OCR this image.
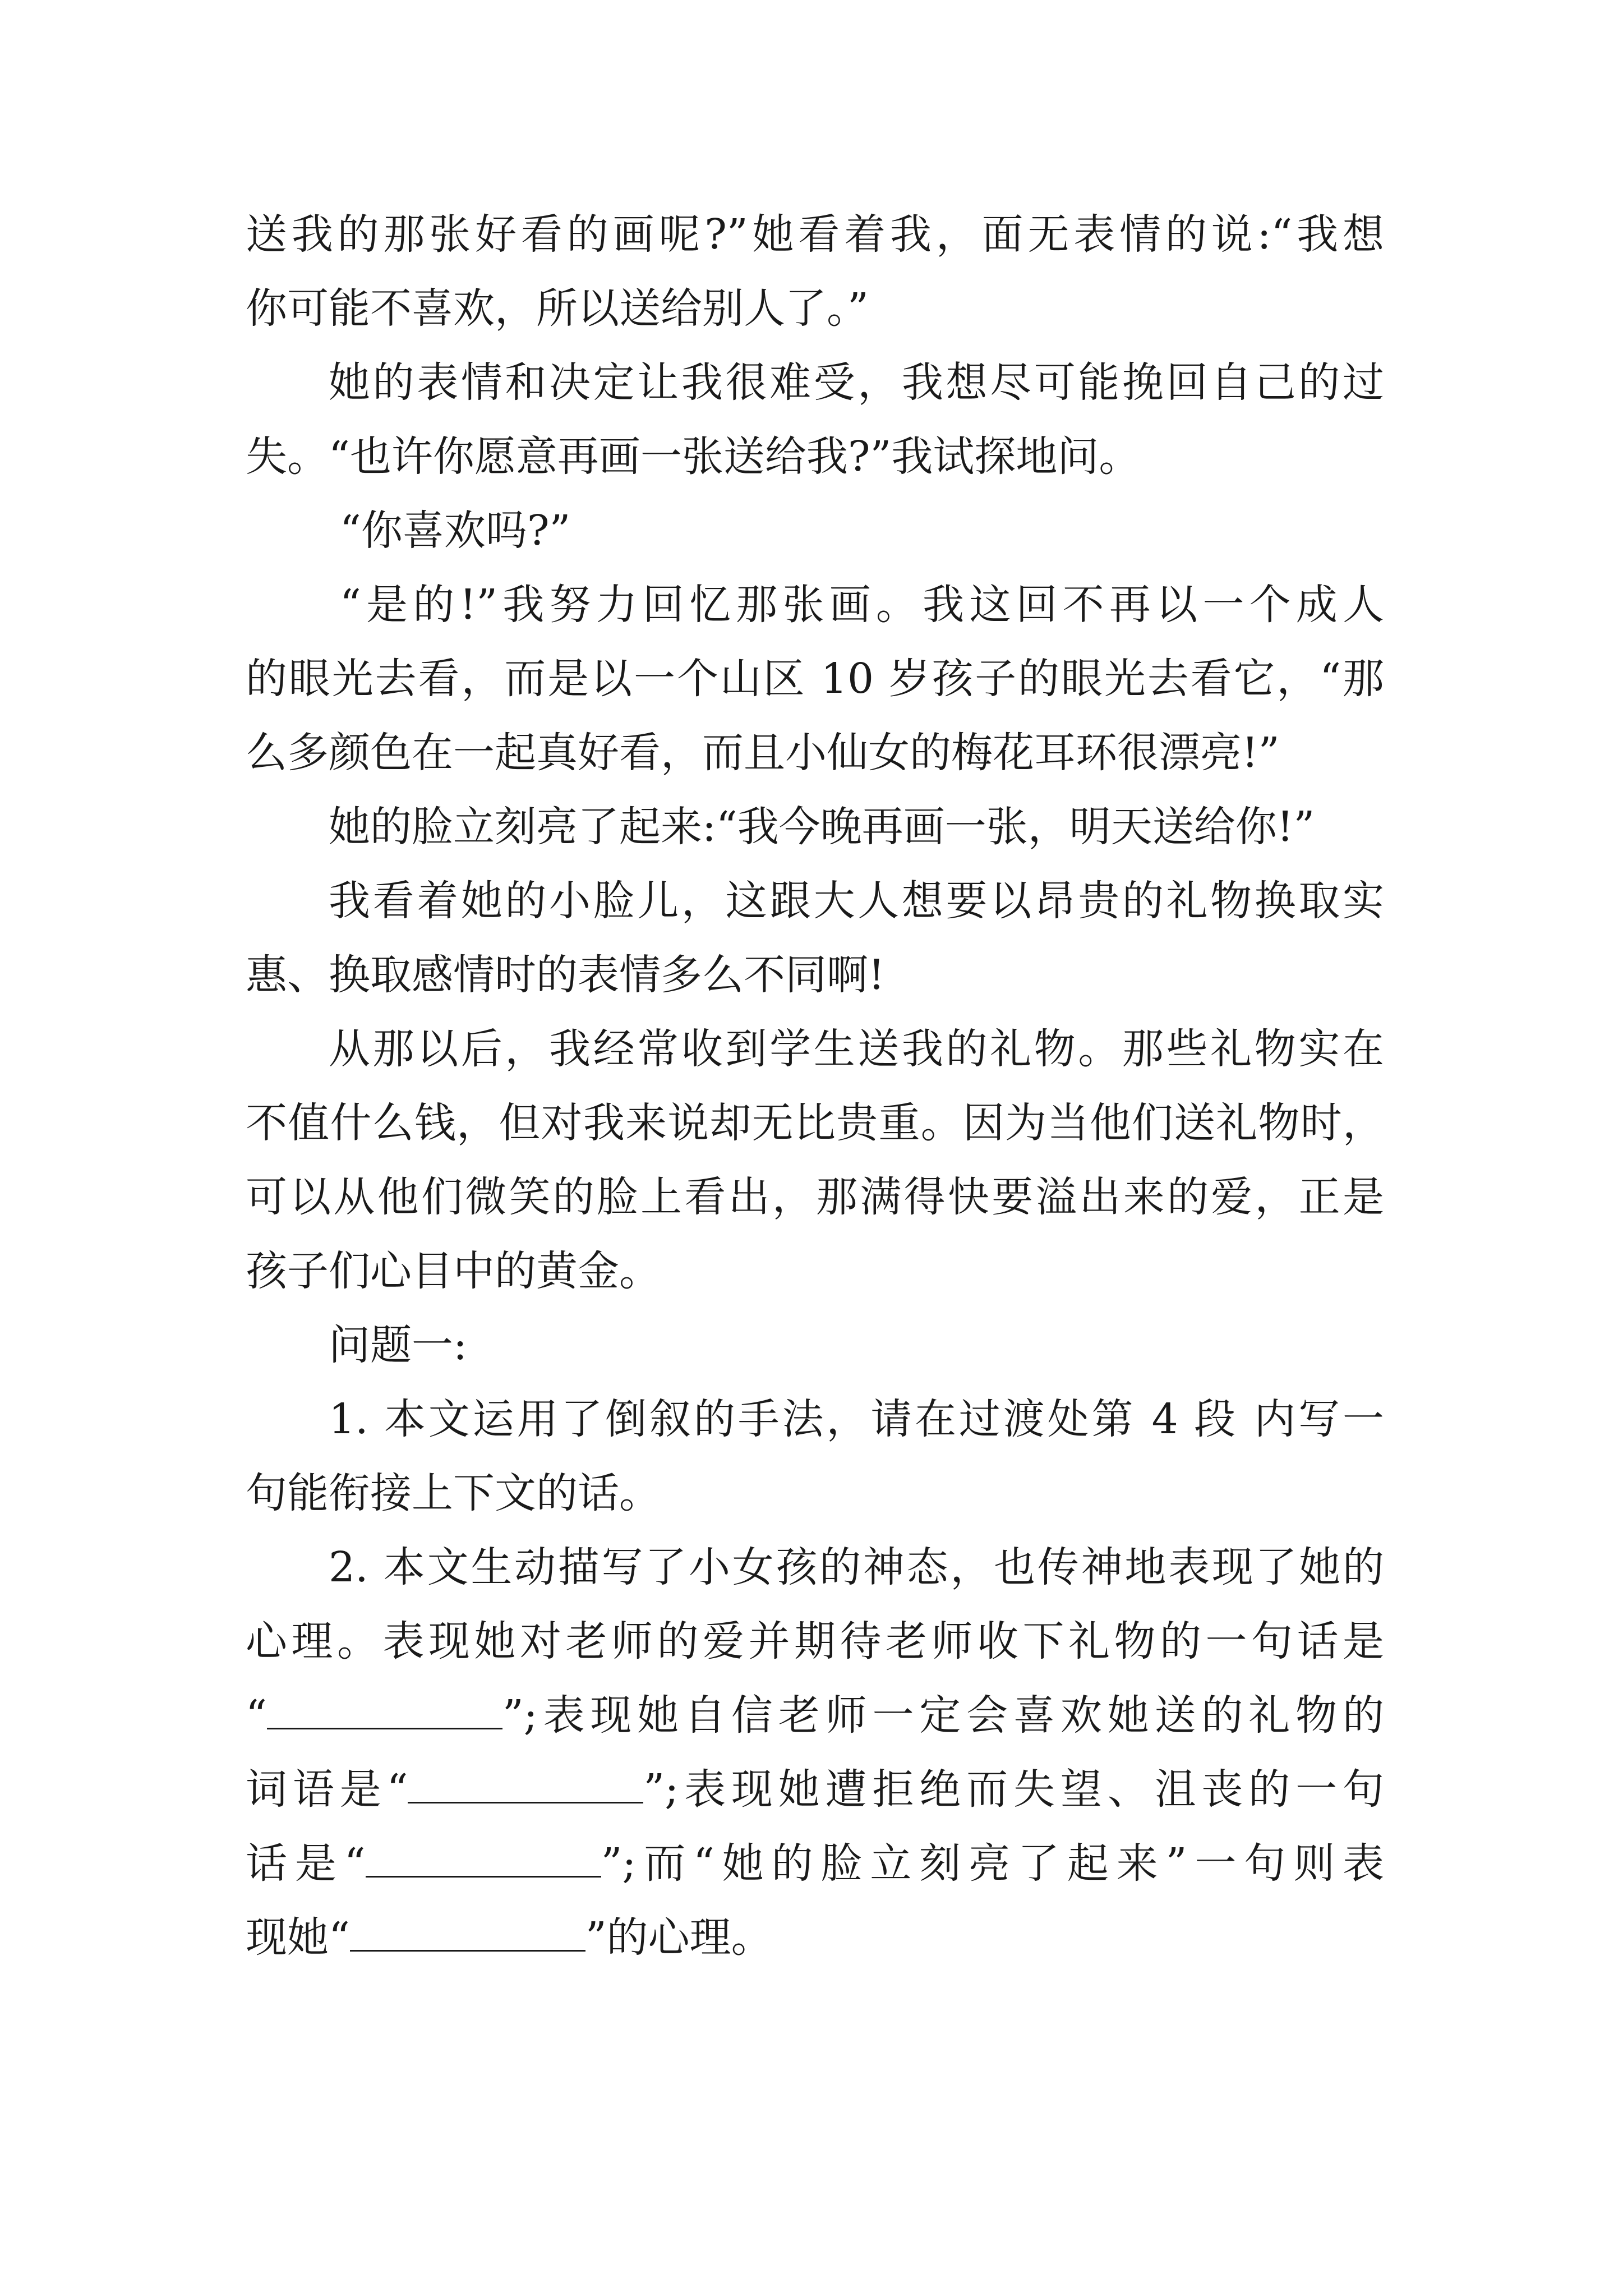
送我的那张好看的画呢?”她看着我，面无表情的说:“我想
你可能不喜欢，所以送给别人了。”
她的表情和决定让我很难受，我想尽可能挽回自己的过
失。“也许你愿意再画一张送给我?”我试探地问。
“你喜欢吗?”
“是的!”我努力回忆那张画。我这回不再以一个成人
的眼光去看，而是以一个山区 10 岁孩子的眼光去看它，“那
么多颜色在一起真好看，而且小仙女的梅花耳环很漂亮!”
她的脸立刻亮了起来:“我今晚再画一张，明天送给你!”
我看着她的小脸儿，这跟大人想要以昂贵的礼物换取实
惠、换取感情时的表情多么不同啊!
从那以后，我经常收到学生送我的礼物。那些礼物实在
不值什么钱，但对我来说却无比贵重。因为当他们送礼物时，
可以从他们微笑的脸上看出，那满得快要溢出来的爱，正是
孩子们心目中的黄金。
问题一:
1. 本文运用了倒叙的手法，请在过渡处第 4 段 内写一
句能衔接上下文的话。
2. 本文生动描写了小女孩的神态，也传神地表现了她的
心理。表现她对老师的爱并期待老师收下礼物的一句话是
“	”;表现她自信老师一定会喜欢她送的礼物的
词语是“	”;表现她遭拒绝而失望、沮丧的一句
话是“	”;而“她的脸立刻亮了起来”一句则表
现她“	”的心理。
